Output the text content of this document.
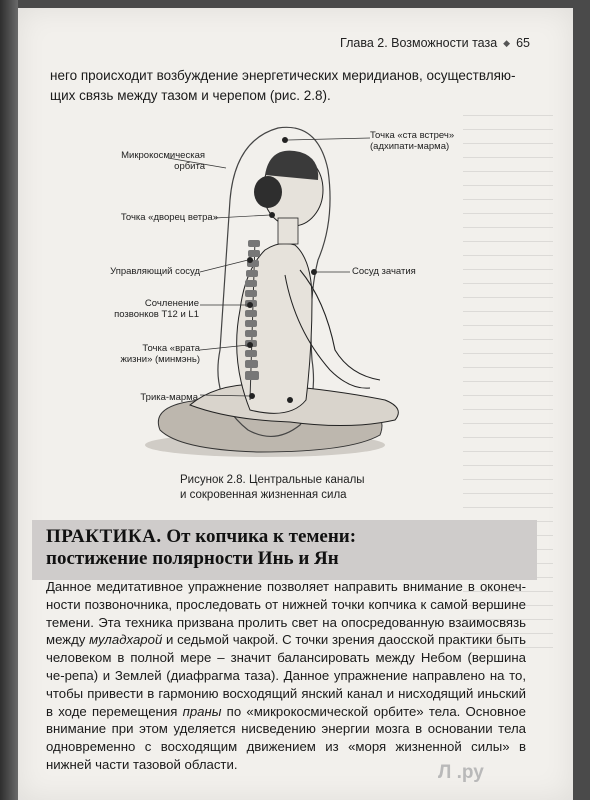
Глава 2. Возможности таза ◆ 65
него происходит возбуждение энергетических меридианов, осуществляю-
щих связь между тазом и черепом (рис. 2.8).
Микрокосмическая орбита
Точка «ста встреч» (адхипати-марма)
Точка «дворец ветра»
Управляющий сосуд	Сосуд зачатия
Сочленение позвонков Т12 и L1
Точка «врата жизни» (минмэнь)
Трика-марма
Рисунок 2.8. Центральные каналы
и сокровенная жизненная сила
ПРАКТИКА. От копчика к темени:
постижение полярности Инь и Ян
Данное медитативное упражнение позволяет направить внимание в оконеч-ности позвоночника, проследовать от нижней точки копчика к самой вершине темени. Эта техника призвана пролить свет на опосредованную взаимосвязь между муладхарой и седьмой чакрой. С точки зрения даосской практики быть человеком в полной мере – значит балансировать между Небом (вершина че-репа) и Землей (диафрагма таза). Данное упражнение направлено на то, чтобы привести в гармонию восходящий янский канал и нисходящий иньский в ходе перемещения праны по «микрокосмической орбите» тела. Основное внимание при этом уделяется нисведению энергии мозга в основании тела одновременно с восходящим движением из «моря жизненной силы» в нижней части тазовой области.	Л .ру
